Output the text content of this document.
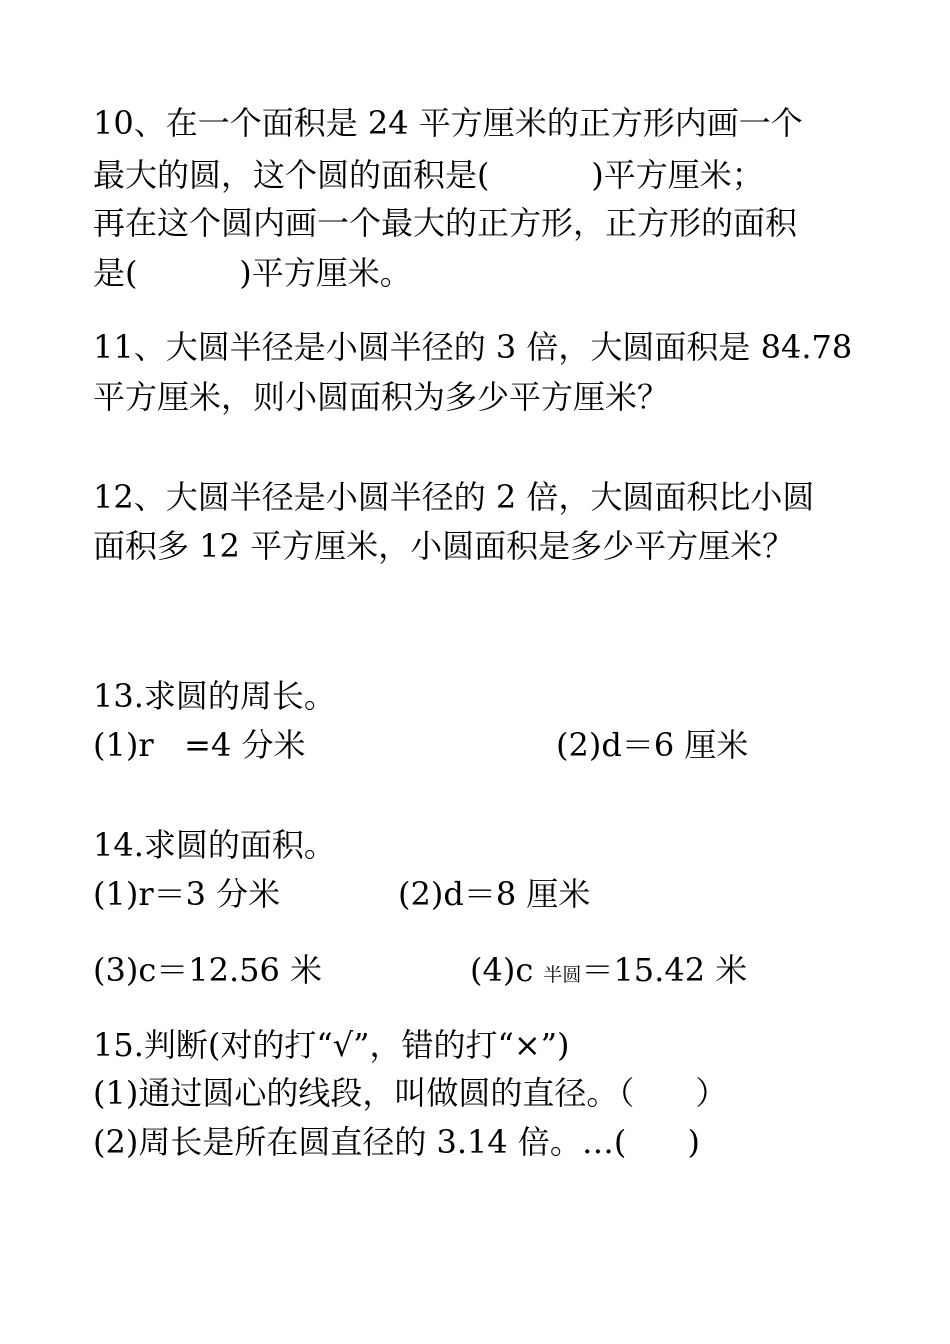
10、在一个面积是 24 平方厘米的正方形内画一个
最大的圆，这个圆的面积是(          )平方厘米；
再在这个圆内画一个最大的正方形，正方形的面积
是(          )平方厘米。
11、大圆半径是小圆半径的 3 倍，大圆面积是 84.78
平方厘米，则小圆面积为多少平方厘米？
12、大圆半径是小圆半径的 2 倍，大圆面积比小圆
面积多 12 平方厘米，小圆面积是多少平方厘米？
13.求圆的周长。
(1)r   =4 分米	(2)d＝6 厘米
14.求圆的面积。
(1)r＝3 分米	(2)d＝8 厘米
(3)c＝12.56 米	(4)c 半圆＝15.42 米
15.判断(对的打“√”，错的打“×”)
(1)通过圆心的线段，叫做圆的直径。（      ）
(2)周长是所在圆直径的 3.14 倍。…(      )
